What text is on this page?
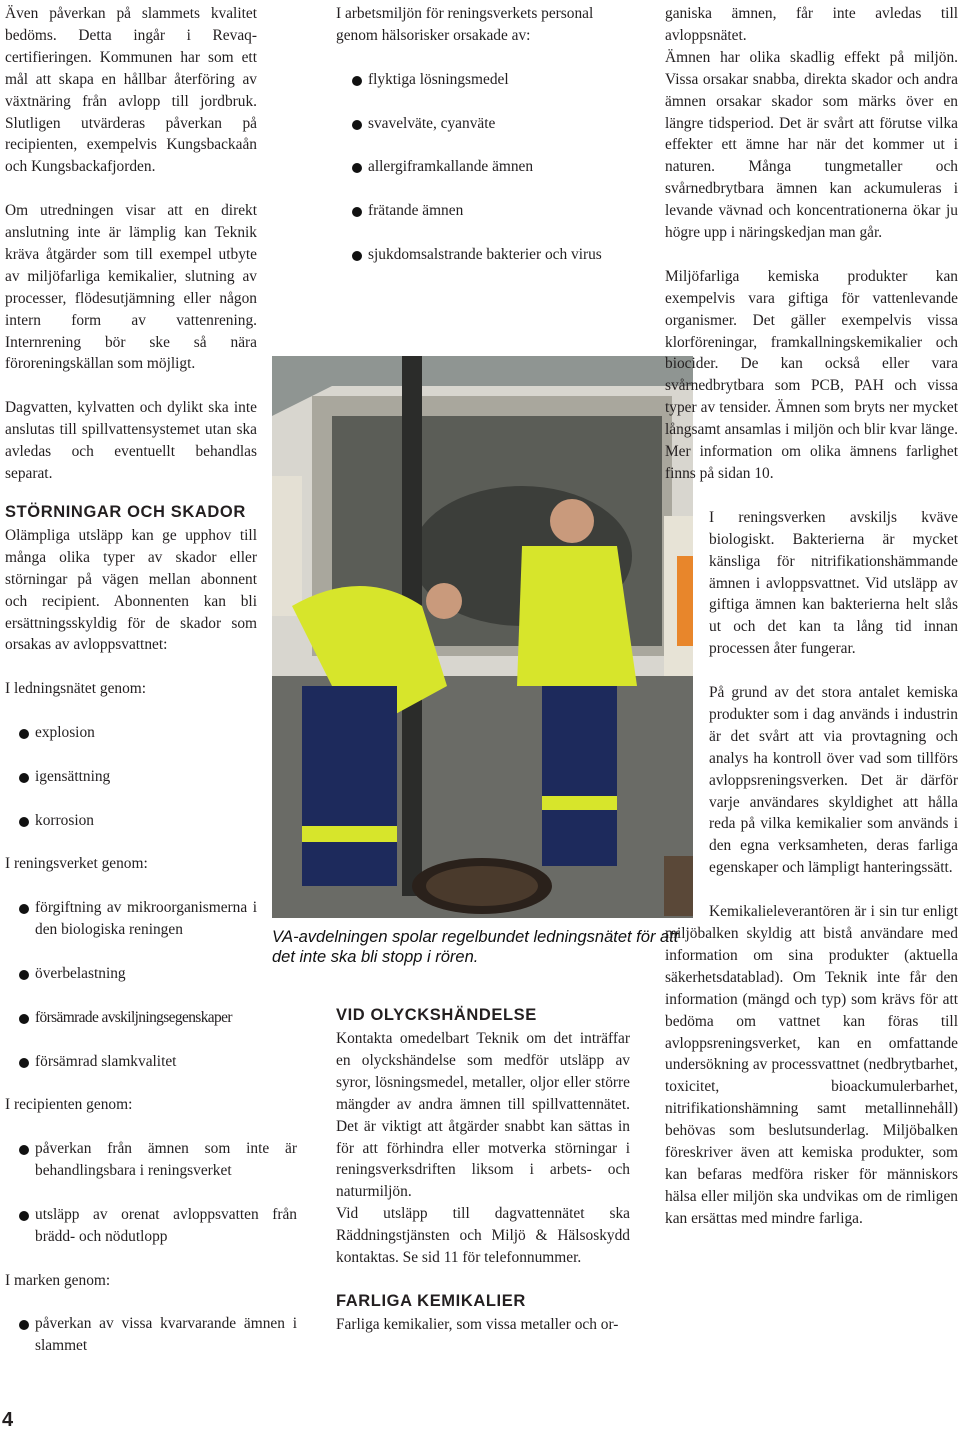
Även påverkan på slammets kvalitet bedöms. Detta ingår i Revaq-certifieringen. Kommunen har som ett mål att skapa en hållbar återföring av växtnäring från avlopp till jordbruk. Slutligen utvärderas påverkan på recipienten, exempelvis Kungsbackaån och Kungsbackafjorden.

Om utredningen visar att en direkt anslutning inte är lämplig kan Teknik kräva åtgärder som till exempel utbyte av miljöfarliga kemikalier, slutning av processer, flödesutjämning eller någon intern form av vattenrening. Internrening bör ske så nära föroreningskällan som möjligt.

Dagvatten, kylvatten och dylikt ska inte anslutas till spillvattensystemet utan ska avledas och eventuellt behandlas separat.

STÖRNINGAR OCH SKADOR

Olämpliga utsläpp kan ge upphov till många olika typer av skador eller störningar på vägen mellan abonnent och recipient. Abonnenten kan bli ersättningsskyldig för de skador som orsakas av avloppsvattnet:

I ledningsnätet genom:

explosion
igensättning
korrosion

I reningsverket genom:

förgiftning av mikroorganismerna i den biologiska reningen
överbelastning
försämrade avskiljningsegenskaper
försämrad slamkvalitet

I recipienten genom:

påverkan från ämnen som inte är behandlingsbara i reningsverket
utsläpp av orenat avloppsvatten från brädd- och nödutlopp

I marken genom:

påverkan av vissa kvarvarande ämnen i slammet

I arbetsmiljön för reningsverkets personal genom hälsorisker orsakade av:

flyktiga lösningsmedel
svavelväte, cyanväte
allergiframkallande ämnen
frätande ämnen
sjukdomsalstrande bakterier och virus
VA-avdelningen spolar regelbundet ledningsnätet för att det inte ska bli stopp i rören.
VID OLYCKSHÄNDELSE
Kontakta omedelbart Teknik om det inträffar en olyckshändelse som medför utsläpp av syror, lösningsmedel, metaller, oljor eller större mängder av andra ämnen till spillvattennätet. Det är viktigt att åtgärder snabbt kan sättas in för att förhindra eller motverka störningar i reningsverksdriften liksom i arbets- och naturmiljön.
Vid utsläpp till dagvattennätet ska Räddningstjänsten och Miljö & Hälsoskydd kontaktas. Se sid 11 för telefonnummer.
FARLIGA KEMIKALIER
Farliga kemikalier, som vissa metaller och or-

ganiska ämnen, får inte avledas till avloppsnätet.

Ämnen har olika skadlig effekt på miljön. Vissa orsakar snabba, direkta skador och andra ämnen orsakar skador som märks över en längre tidsperiod. Det är svårt att förutse vilka effekter ett ämne har när det kommer ut i naturen. Många tungmetaller och svårnedbrytbara ämnen kan ackumuleras i levande vävnad och koncentrationerna ökar ju högre upp i näringskedjan man går.

Miljöfarliga kemiska produkter kan exempelvis vara giftiga för vattenlevande organismer. Det gäller exempelvis vissa klorföreningar, framkallningskemikalier och biocider. De kan också eller vara svårnedbrytbara som PCB, PAH och vissa typer av tensider. Ämnen som bryts ner mycket långsamt ansamlas i miljön och blir kvar länge. Mer information om olika ämnens farlighet finns på sidan 10.

I reningsverken avskiljs kväve biologiskt. Bakterierna är mycket känsliga för nitrifikationshämmande ämnen i avloppsvattnet. Vid utsläpp av giftiga ämnen kan bakterierna helt slås ut och det kan ta lång tid innan processen åter fungerar.

På grund av det stora antalet kemiska produkter som i dag används i industrin är det svårt att via provtagning och analys ha kontroll över vad som tillförs avloppsreningsverken. Det är därför varje användares skyldighet att hålla reda på vilka kemikalier som används i den egna verksamheten, deras farliga egenskaper och lämpligt hanteringssätt.

Kemikalieleverantören är i sin tur enligt miljöbalken skyldig att bistå användare med information om sina produkter (aktuella säkerhetsdatablad). Om Teknik inte får den information (mängd och typ) som krävs för att bedöma om vattnet kan föras till avloppsreningsverket, kan en omfattande undersökning av processvattnet (nedbrytbarhet, toxicitet, bioackumulerbarhet, nitrifikationshämning samt metallinnehåll) behövas som beslutsunderlag. Miljöbalken föreskriver även att kemiska produkter, som kan befaras medföra risker för människors hälsa eller miljön ska undvikas om de rimligen kan ersättas med mindre farliga.

4
